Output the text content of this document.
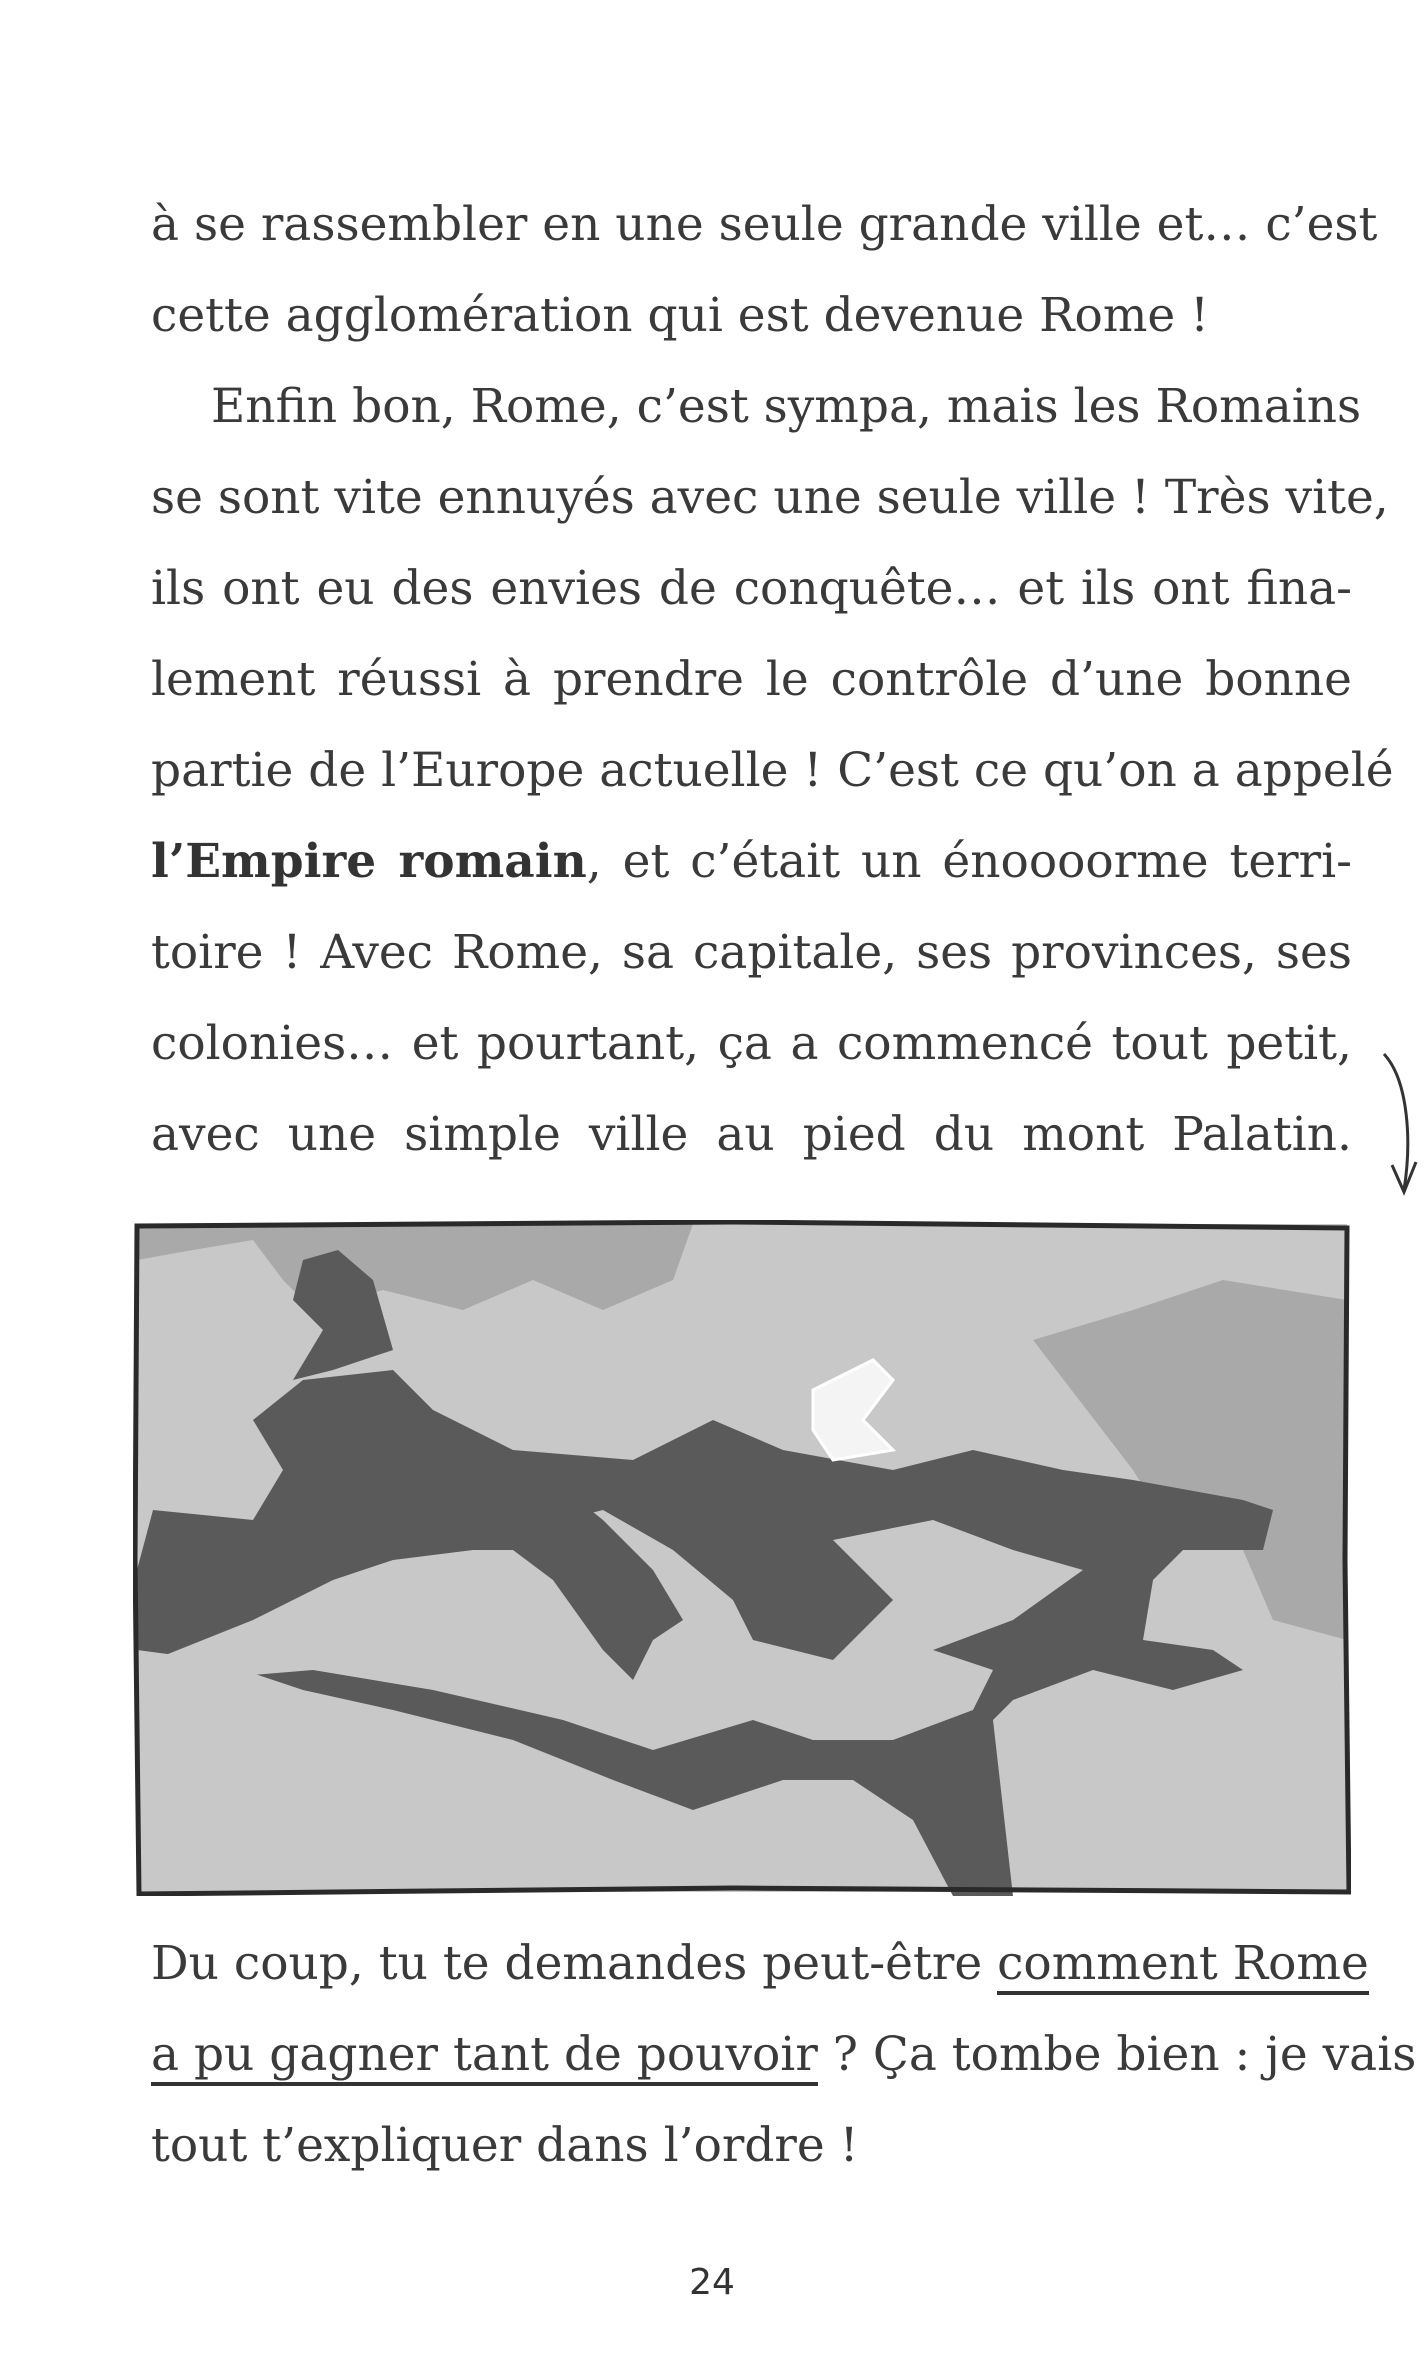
à se rassembler en une seule grande ville et… c’est
cette agglomération qui est devenue Rome !
Enfin bon, Rome, c’est sympa, mais les Romains
se sont vite ennuyés avec une seule ville ! Très vite,
ils ont eu des envies de conquête… et ils ont fina-
lement réussi à prendre le contrôle d’une bonne
partie de l’Europe actuelle ! C’est ce qu’on a appelé
l’Empire romain, et c’était un énoooorme terri-
toire ! Avec Rome, sa capitale, ses provinces, ses
colonies… et pourtant, ça a commencé tout petit,
avec une simple ville au pied du mont Palatin.
Du coup, tu te demandes peut-être comment Rome
a pu gagner tant de pouvoir ? Ça tombe bien : je vais
tout t’expliquer dans l’ordre !
24
